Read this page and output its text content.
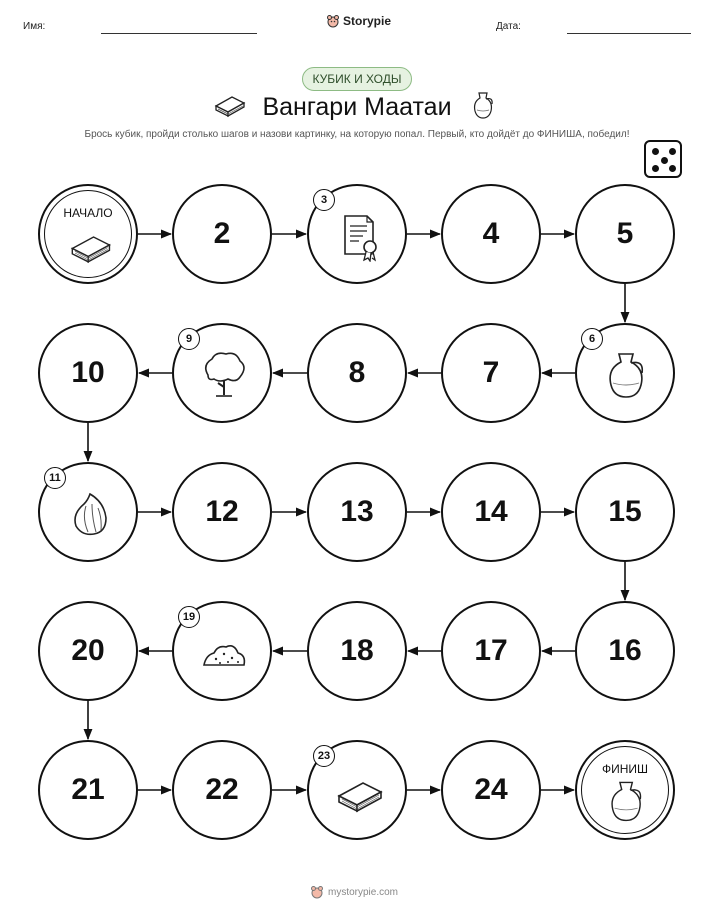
Имя:	Storypie	Дата:
КУБИК И ХОДЫ
Вангари Маатаи
Брось кубик, пройди столько шагов и назови картинку, на которую попал. Первый, кто дойдёт до ФИНИША, победил!
НАЧАЛО
2
3
4	5
6
7
8
9
10
11
12	13	14	15
16
17
18
19
20
21	22
23
24
ФИНИШ
mystorypie.com
